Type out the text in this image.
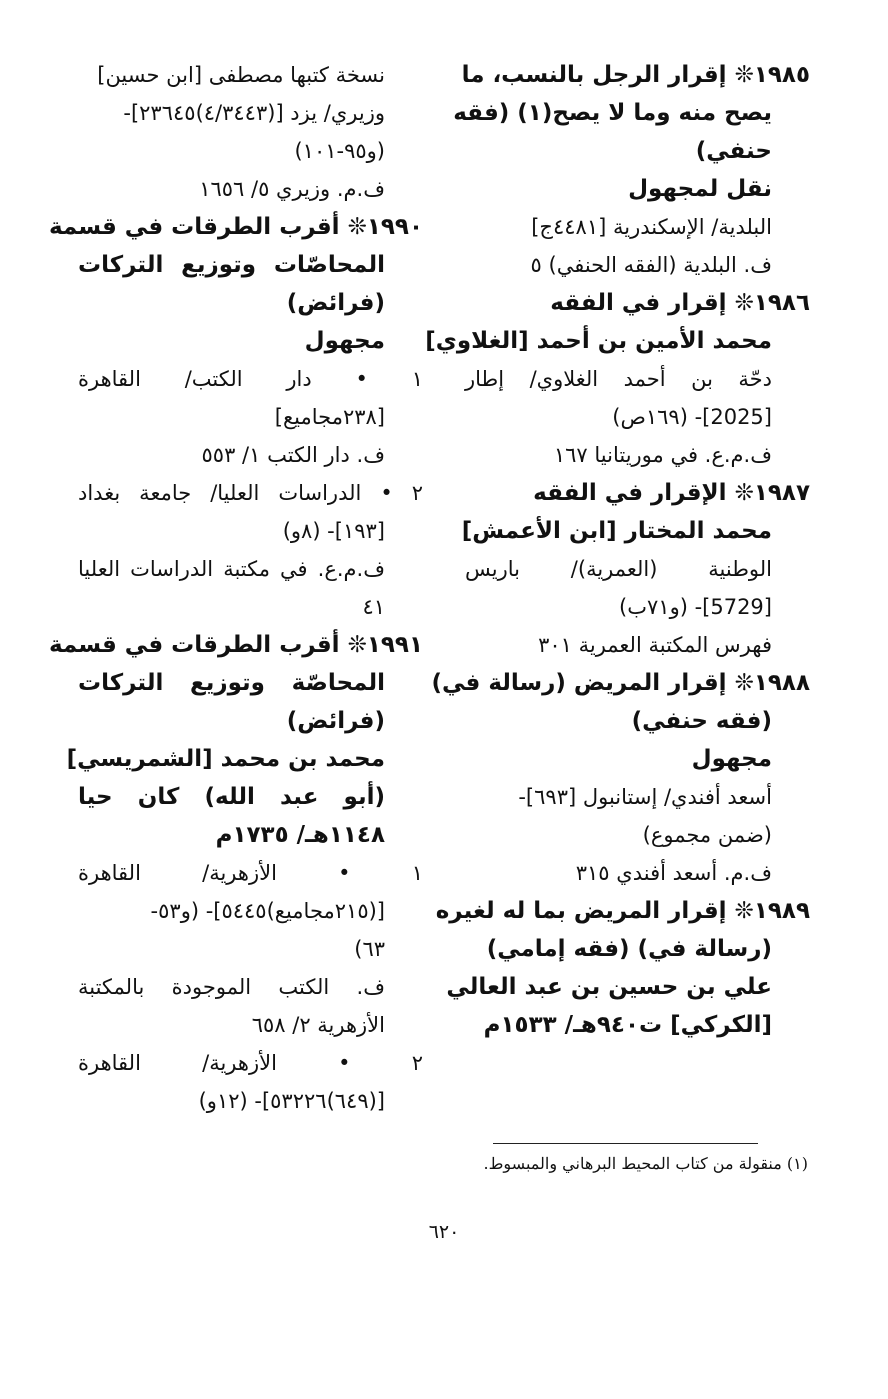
١٩٨٥❊ إقرار الرجل بالنسب، ما
يصح منه وما لا يصح(١) (فقه
حنفي)
نقل لمجهول
البلدية/ الإسكندرية [٤٤٨١ج]
ف. البلدية (الفقه الحنفي) ٥
١٩٨٦❊ إقرار في الفقه
محمد الأمين بن أحمد [الغلاوي]
دحّة بن أحمد الغلاوي/ إطار
[2025]- (١٦٩ص)
ف.م.ع. في موريتانيا ١٦٧
١٩٨٧❊ الإقرار في الفقه
محمد المختار [ابن الأعمش]
الوطنية (العمرية)/ باريس
[5729]- (و٧١ب)
فهرس المكتبة العمرية ٣٠١
١٩٨٨❊ إقرار المريض (رسالة في)
(فقه حنفي)
مجهول
أسعد أفندي/ إستانبول [٦٩٣]-
(ضمن مجموع)
ف.م. أسعد أفندي ٣١٥
١٩٨٩❊ إقرار المريض بما له لغيره
(رسالة في) (فقه إمامي)
علي بن حسين بن عبد العالي
[الكركي] ت٩٤٠هـ/ ١٥٣٣م
نسخة كتبها مصطفى [ابن حسين]
وزيري/ يزد [(٤/٣٤٤٣)٢٣٦٤٥]-
(و٩٥-١٠١)
ف.م. وزيري ٥/ ١٦٥٦
١٩٩٠❊ أقرب الطرقات في قسمة
المحاصّات وتوزيع التركات
(فرائض)
مجهول
١ • دار الكتب/ القاهرة
[٢٣٨مجاميع]
ف. دار الكتب ١/ ٥٥٣
٢ • الدراسات العليا/ جامعة بغداد
[١٩٣]- (٨و)
ف.م.ع. في مكتبة الدراسات العليا
٤١
١٩٩١❊ أقرب الطرقات في قسمة
المحاصّة وتوزيع التركات
(فرائض)
محمد بن محمد [الشمريسي]
(أبو عبد الله) كان حيا
١١٤٨هـ/ ١٧٣٥م
١ • الأزهرية/ القاهرة
[(٢١٥مجاميع)٥٤٤٥]- (و٥٣-
٦٣)
ف. الكتب الموجودة بالمكتبة
الأزهرية ٢/ ٦٥٨
٢ • الأزهرية/ القاهرة
[(٦٤٩)٥٣٢٢٦]- (١٢و)
(١) منقولة من كتاب المحيط البرهاني والمبسوط.
٦٢٠
